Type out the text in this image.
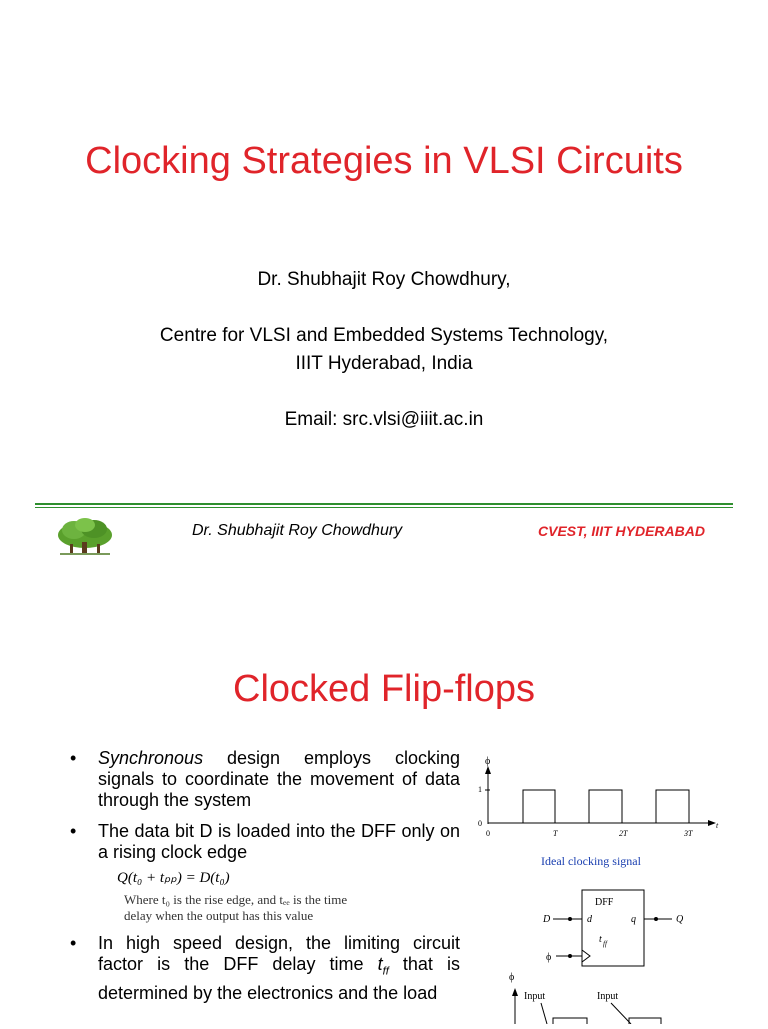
Clocking Strategies in VLSI Circuits
Dr. Shubhajit Roy Chowdhury,
Centre for VLSI and Embedded Systems Technology,
IIIT Hyderabad, India
Email: src.vlsi@iiit.ac.in
Dr. Shubhajit Roy Chowdhury	CVEST, IIIT HYDERABAD
Clocked Flip-flops
• Synchronous design employs clocking signals to coordinate the movement of data through the system
• The data bit D is loaded into the DFF only on a rising clock edge
• In high speed design, the limiting circuit factor is the DFF delay time $t_{ff}$ that is determined by the electronics and the load
Q(t₀ + tₚₚ) = D(t₀)
Where t₀ is the rise edge, and tₑₑ is the time
delay when the output has this value
ϕ
1
0	t
0	T	2T	3T
Ideal clocking signal
DFF
D	d	q	Q
t ff
ϕ
ϕ
Input	Input
